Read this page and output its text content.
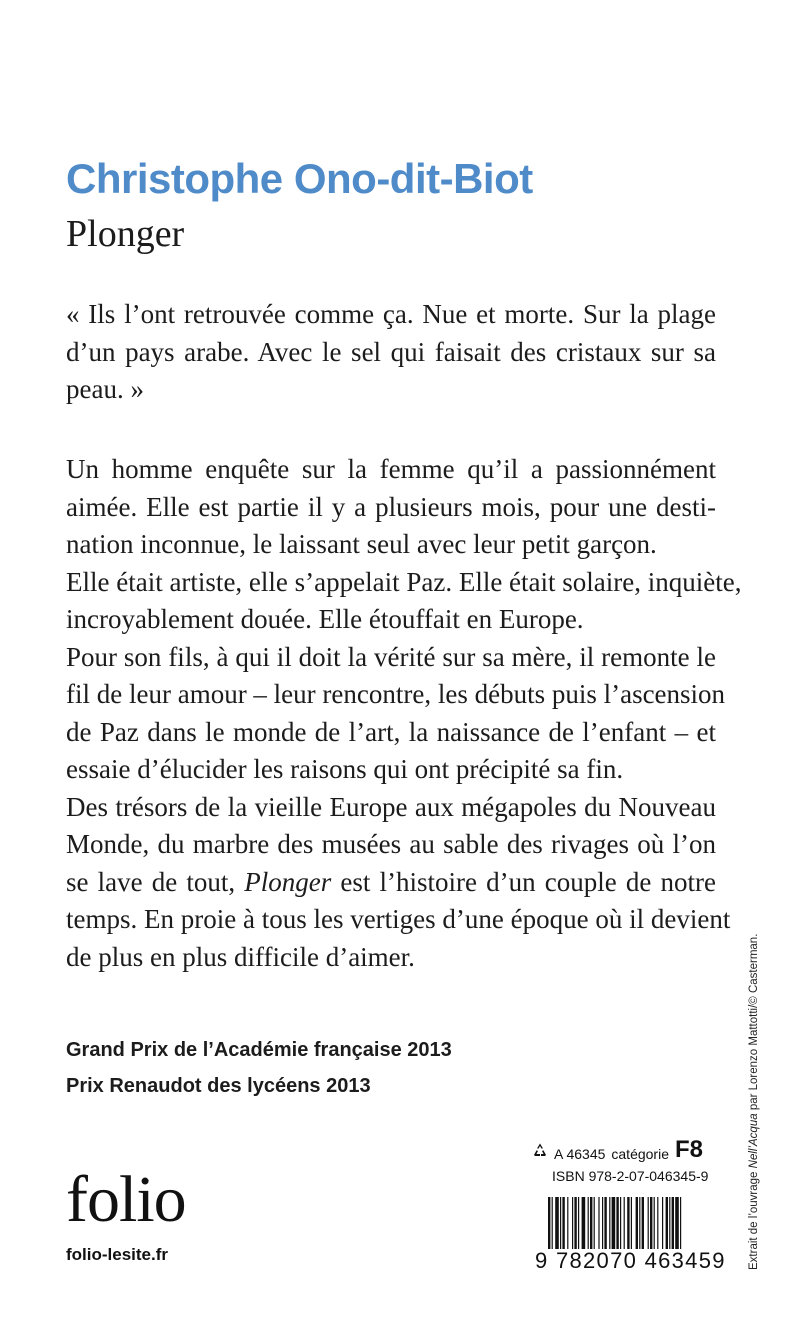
Christophe Ono-dit-Biot
Plonger
« Ils l’ont retrouvée comme ça. Nue et morte. Sur la plage
d’un pays arabe. Avec le sel qui faisait des cristaux sur sa
peau. »
Un homme enquête sur la femme qu’il a passionnément
aimée. Elle est partie il y a plusieurs mois, pour une desti-
nation inconnue, le laissant seul avec leur petit garçon.
Elle était artiste, elle s’appelait Paz. Elle était solaire, inquiète,
incroyablement douée. Elle étouffait en Europe.
Pour son fils, à qui il doit la vérité sur sa mère, il remonte le
fil de leur amour – leur rencontre, les débuts puis l’ascension
de Paz dans le monde de l’art, la naissance de l’enfant – et
essaie d’élucider les raisons qui ont précipité sa fin.
Des trésors de la vieille Europe aux mégapoles du Nouveau
Monde, du marbre des musées au sable des rivages où l’on
se lave de tout, Plonger est l’histoire d’un couple de notre
temps. En proie à tous les vertiges d’une époque où il devient
de plus en plus difficile d’aimer.
Grand Prix de l’Académie française 2013
Prix Renaudot des lycéens 2013
folio
folio-lesite.fr
A 46345 catégorie F8
ISBN 978-2-07-046345-9
9 782070 463459 Extrait de l’ouvrage Nell’Acqua par Lorenzo Mattotti/© Casterman.
